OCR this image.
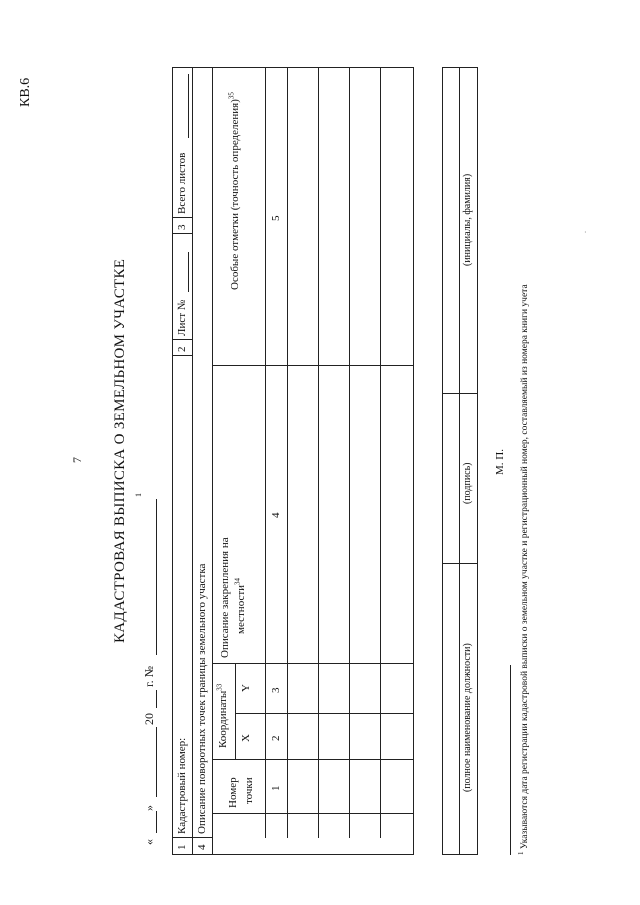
·
КВ.6
7 КАДАСТРОВАЯ ВЫПИСКА О ЗЕМЕЛЬНОМ УЧАСТКЕ
«
»
20
г. №
1
1
Кадастровый номер:
2
Лист №
3
Всего листов
4
Описание поворотных точек границы земельного участка Номер точки
Координаты$^{33}$
X
Y
Описание закрепления на местности$^{34}$
Особые отметки (точность определения)$^{35}$
1
2
3
4
5
(полное наименование должности)
(подпись)
(инициалы, фамилия)
М. П.
$^1$ Указываются дата регистрации кадастровой выписки о земельном участке и регистрационный номер, составляемый из номера книги учета
